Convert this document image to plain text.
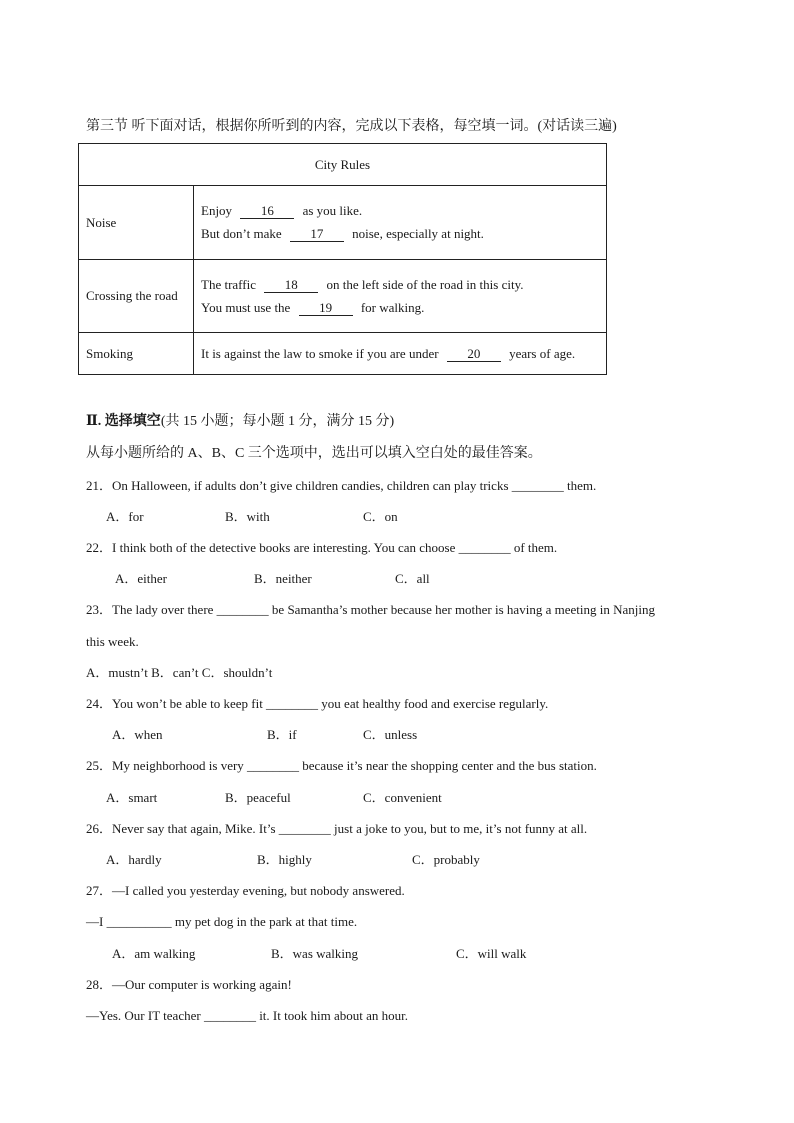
第三节 听下面对话，根据你所听到的内容，完成以下表格，每空填一词。(对话读三遍)
City Rules	
Noise	Enjoy 16 as you like.
But don’t make 17 noise, especially at night.

Crossing the road	The traffic 18 on the left side of the road in this city.
You must use the 19 for walking.

Smoking	It is against the law to smoke if you are under 20 years of age.
Ⅱ. 选择填空(共 15 小题；每小题 1 分，满分 15 分)
从每小题所给的 A、B、C 三个选项中，选出可以填入空白处的最佳答案。
21．On Halloween, if adults don’t give children candies, children can play tricks ________ them.
A．for	B．with	C．on
22．I think both of the detective books are interesting. You can choose ________ of them.
A．either	B．neither	C．all
23．The lady over there ________ be Samantha’s mother because her mother is having a meeting in Nanjing
this week.
A．mustn’t B．can’t C．shouldn’t
24．You won’t be able to keep fit ________ you eat healthy food and exercise regularly.
A．when	B．if	C．unless
25．My neighborhood is very ________ because it’s near the shopping center and the bus station.
A．smart	B．peaceful	C．convenient
26．Never say that again, Mike. It’s ________ just a joke to you, but to me, it’s not funny at all.
A．hardly	B．highly	C．probably
27．—I called you yesterday evening, but nobody answered.
—I __________ my pet dog in the park at that time.
A．am walking	B．was walking	C．will walk
28．—Our computer is working again!
—Yes. Our IT teacher ________ it. It took him about an hour.
